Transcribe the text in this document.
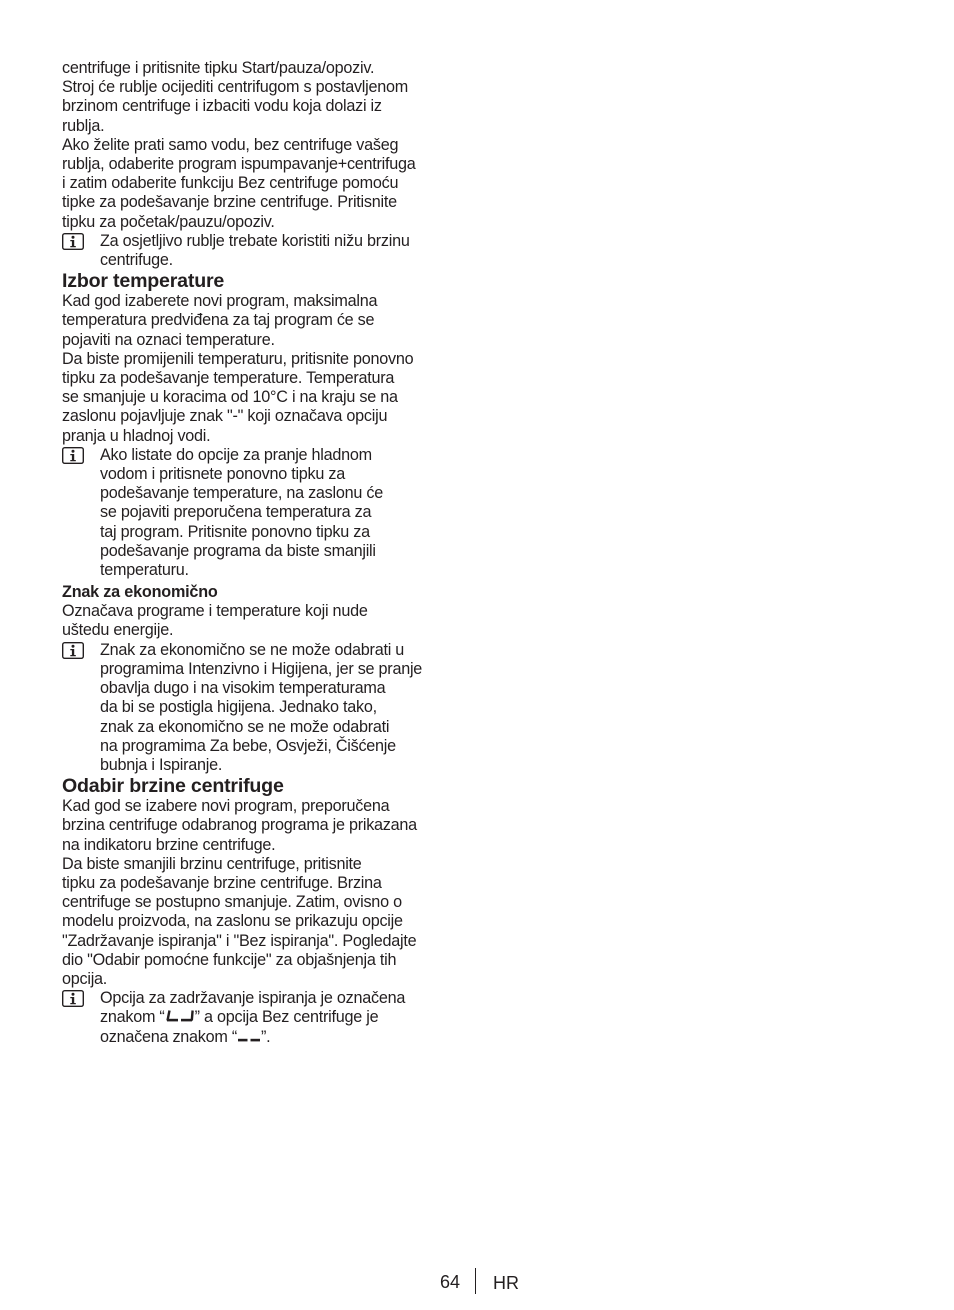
centrifuge i pritisnite tipku Start/pauza/opoziv.

Stroj će rublje ocijediti centrifugom s postavljenom

brzinom centrifuge i izbaciti vodu koja dolazi iz

rublja.

Ako želite prati samo vodu, bez centrifuge vašeg

rublja, odaberite program ispumpavanje+centrifuga

i zatim odaberite funkciju Bez centrifuge pomoću

tipke za podešavanje brzine centrifuge. Pritisnite

tipku za početak/pauzu/opoziv.

Za osjetljivo rublje trebate koristiti nižu brzinu

centrifuge.

Izbor temperature

Kad god izaberete novi program, maksimalna

temperatura predviđena za taj program će se

pojaviti na oznaci temperature.

Da biste promijenili temperaturu, pritisnite ponovno

tipku za podešavanje temperature. Temperatura

se smanjuje u koracima od 10°C i na kraju se na

zaslonu pojavljuje znak "-" koji označava opciju

pranja u hladnoj vodi.

Ako listate do opcije za pranje hladnom

vodom i pritisnete ponovno tipku za

podešavanje temperature, na zaslonu će

se pojaviti preporučena temperatura za

taj program. Pritisnite ponovno tipku za

podešavanje programa da biste smanjili

temperaturu.

Znak za ekonomično

Označava programe i temperature koji nude

uštedu energije.

Znak za ekonomično se ne može odabrati u

programima Intenzivno i Higijena, jer se pranje

obavlja dugo i na visokim temperaturama

da bi se postigla higijena. Jednako tako,

znak za ekonomično se ne može odabrati

na programima Za bebe, Osvježi, Čišćenje

bubnja i Ispiranje.

Odabir brzine centrifuge

Kad god se izabere novi program, preporučena

brzina centrifuge odabranog programa je prikazana

na indikatoru brzine centrifuge.

Da biste smanjili brzinu centrifuge, pritisnite

tipku za podešavanje brzine centrifuge. Brzina

centrifuge se postupno smanjuje. Zatim, ovisno o

modelu proizvoda, na zaslonu se prikazuju opcije

"Zadržavanje ispiranja" i "Bez ispiranja". Pogledajte

dio "Odabir pomoćne funkcije" za objašnjenja tih

opcija.

Opcija za zadržavanje ispiranja je označena

znakom “ ” a opcija Bez centrifuge je

označena znakom “ ”.

64 HR
